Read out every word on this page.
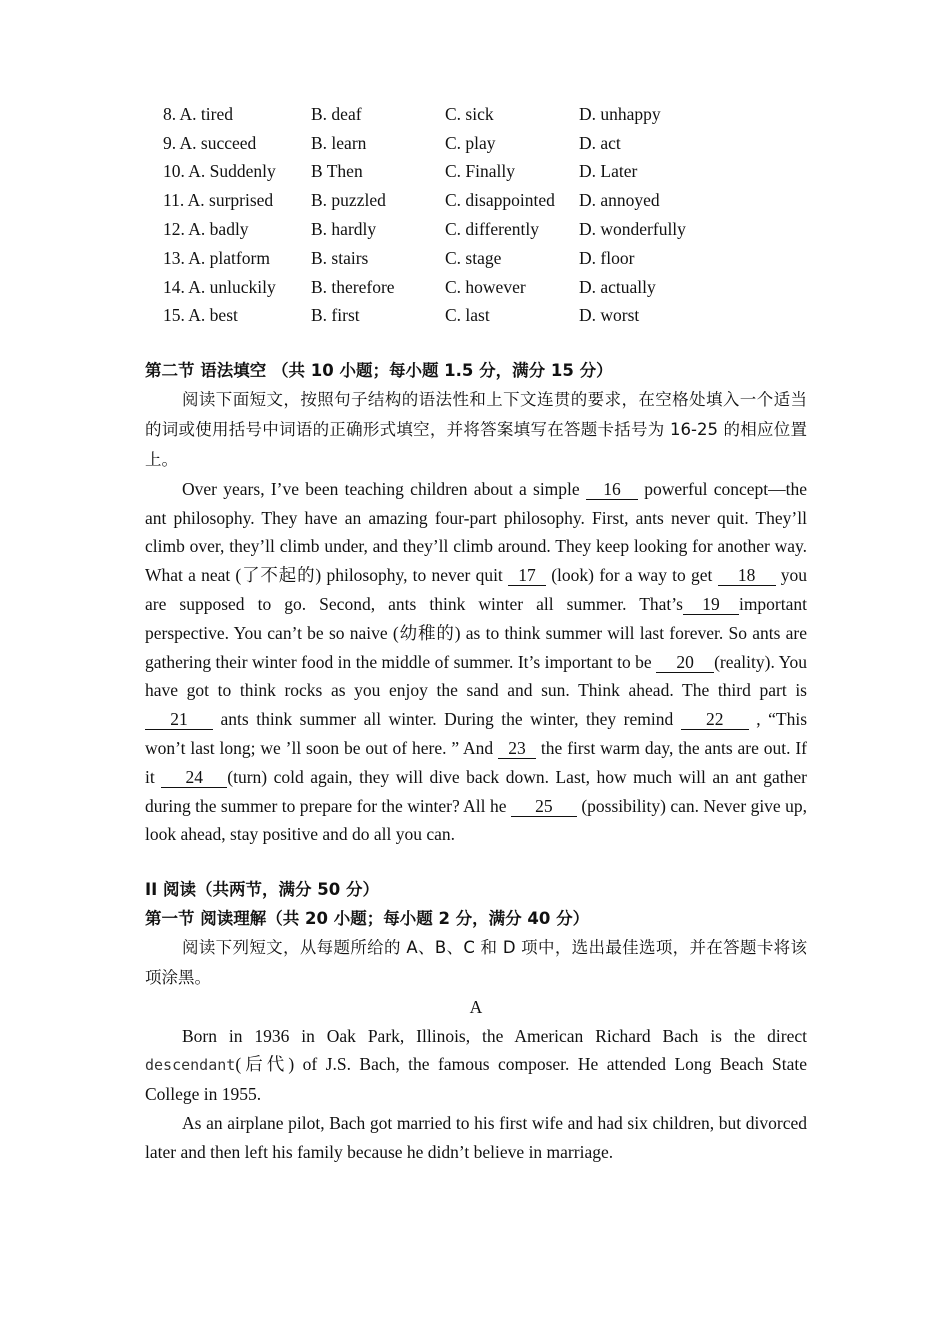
8. A. tired	B. deaf	C. sick	D. unhappy
9. A. succeed	B. learn	C. play	D. act
10. A. Suddenly	B Then	C. Finally	D. Later
11. A. surprised	B. puzzled	C. disappointed	D. annoyed
12. A. badly	B. hardly	C. differently	D. wonderfully
13. A. platform	B. stairs	C. stage	D. floor
14. A. unluckily	B. therefore	C. however	D. actually
15. A. best	B. first	C. last	D. worst
第二节 语法填空 （共 10 小题；每小题 1.5 分，满分 15 分）

阅读下面短文，按照句子结构的语法性和上下文连贯的要求，在空格处填入一个适当的词或使用括号中词语的正确形式填空，并将答案填写在答题卡括号为 16-25 的相应位置上。

Over years, I’ve been teaching children about a simple 16 powerful concept—the ant philosophy. They have an amazing four-part philosophy. First, ants never quit. They’ll climb over, they’ll climb under, and they’ll climb around. They keep looking for another way. What a neat (了不起的) philosophy, to never quit 17 (look) for a way to get 18 you are supposed to go. Second, ants think winter all summer. That’s 19 important perspective. You can’t be so naive (幼稚的) as to think summer will last forever. So ants are gathering their winter food in the middle of summer. It’s important to be 20 (reality). You have got to think rocks as you enjoy the sand and sun. Think ahead. The third part is 21 ants think summer all winter. During the winter, they remind 22 , “This won’t last long; we ’ll soon be out of here. ” And 23 the first warm day, the ants are out. If it 24 (turn) cold again, they will dive back down. Last, how much will an ant gather during the summer to prepare for the winter? All he 25 (possibility) can. Never give up, look ahead, stay positive and do all you can.

II 阅读（共两节，满分 50 分）
第一节 阅读理解（共 20 小题；每小题 2 分，满分 40 分）

阅读下列短文，从每题所给的 A、B、C 和 D 项中，选出最佳选项，并在答题卡将该项涂黑。

A

Born in 1936 in Oak Park, Illinois, the American Richard Bach is the direct descendant(后代) of J.S. Bach, the famous composer. He attended Long Beach State College in 1955.

As an airplane pilot, Bach got married to his first wife and had six children, but divorced later and then left his family because he didn’t believe in marriage.
